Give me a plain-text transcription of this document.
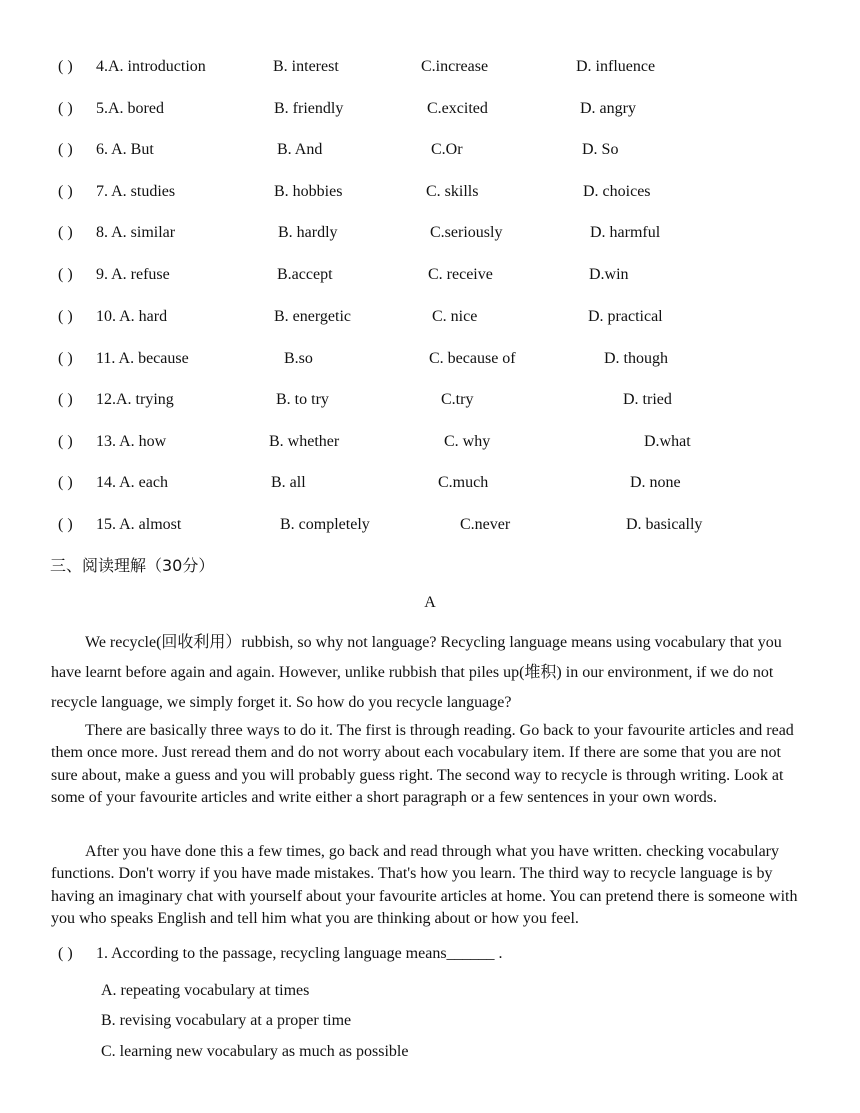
( ) 4.A. introduction	B. interest	C.increase	D. influence
( ) 5.A. bored	B. friendly	C.excited	D. angry
( ) 6. A. But	B. And	C.Or	D. So
( ) 7. A. studies	B. hobbies	C. skills	D. choices
( ) 8. A. similar	B. hardly	C.seriously	D. harmful
( ) 9. A. refuse	B.accept	C. receive	D.win
( ) 10. A. hard	B. energetic	C. nice	D. practical
( ) 11. A. because	B.so	C. because of	D. though
( ) 12.A. trying	B. to try	C.try	D. tried
( ) 13. A. how	B. whether	C. why	D.what
( ) 14. A. each	B. all	C.much	D. none
( ) 15. A. almost	B. completely	C.never	D. basically
三、阅读理解（30分）
A

We recycle(回收利用）rubbish, so why not language? Recycling language means using vocabulary that you have learnt before again and again. However, unlike rubbish that piles up(堆积) in our environment, if we do not recycle language, we simply forget it. So how do you recycle language?

There are basically three ways to do it. The first is through reading. Go back to your favourite articles and read them once more. Just reread them and do not worry about each vocabulary item. If there are some that you are not sure about, make a guess and you will probably guess right. The second way to recycle is through writing. Look at some of your favourite articles and write either a short paragraph or a few sentences in your own words.

After you have done this a few times, go back and read through what you have written. checking vocabulary functions. Don't worry if you have made mistakes. That's how you learn. The third way to recycle language is by having an imaginary chat with yourself about your favourite articles at home. You can pretend there is someone with you who speaks English and tell him what you are thinking about or how you feel.

( ) 1. According to the passage, recycling language means______ .
A. repeating vocabulary at times
B. revising vocabulary at a proper time
C. learning new vocabulary as much as possible
